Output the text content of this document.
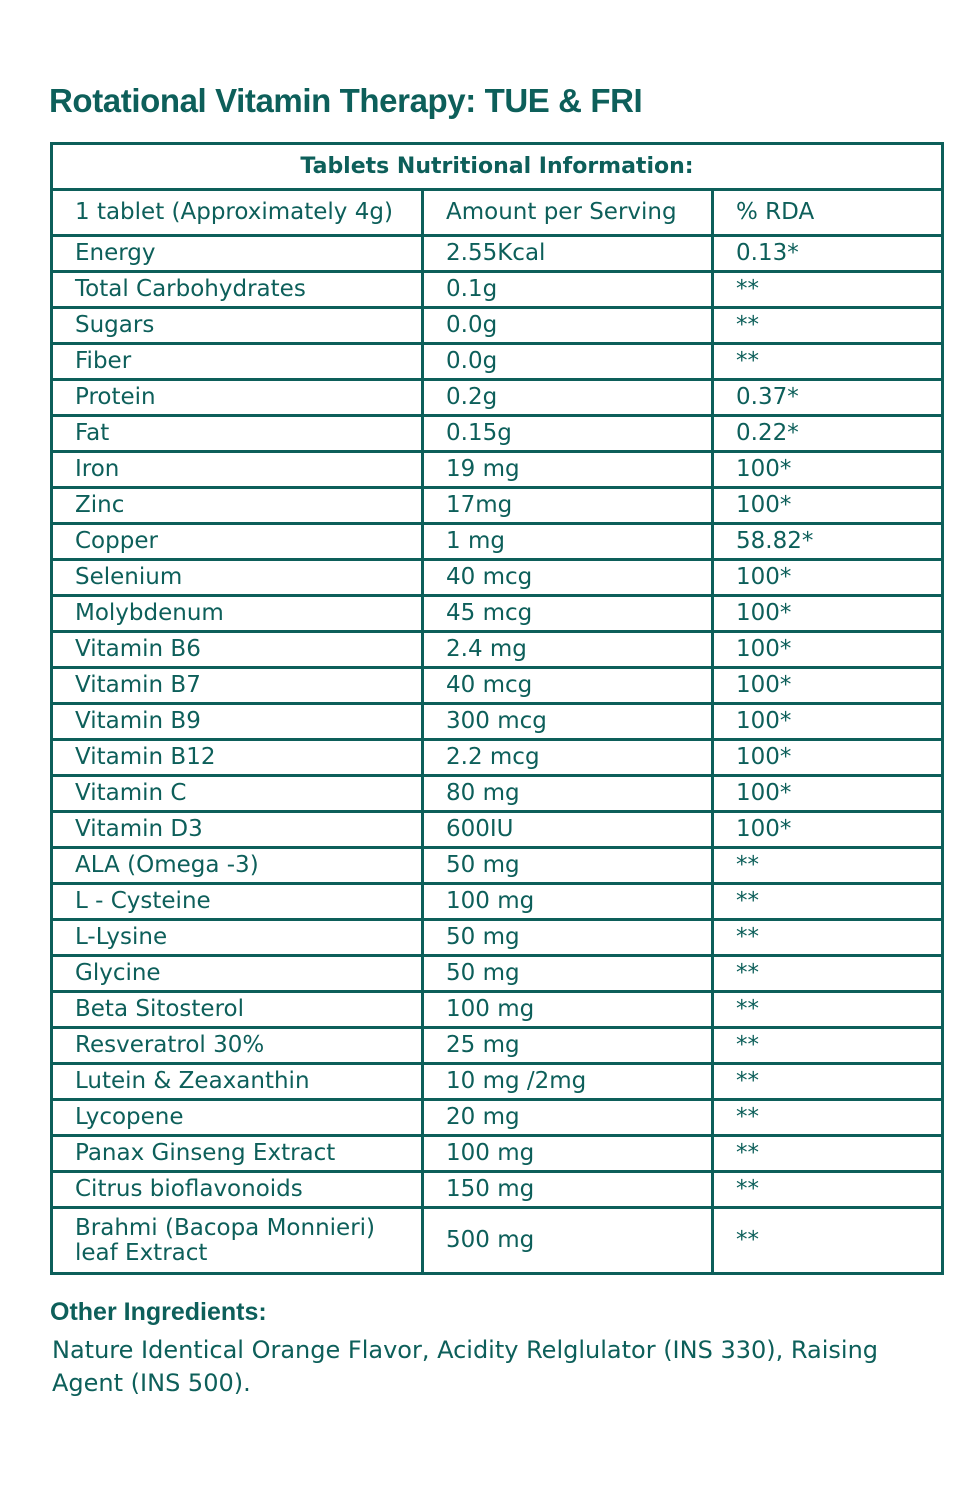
Rotational Vitamin Therapy: TUE & FRI
Tablets Nutritional Information:		
1 tablet (Approximately 4g)	Amount per Serving	% RDA
Energy	2.55Kcal	0.13*
Total Carbohydrates	0.1g	**
Sugars	0.0g	**
Fiber	0.0g	**
Protein	0.2g	0.37*
Fat	0.15g	0.22*
Iron	19 mg	100*
Zinc	17mg	100*
Copper	1 mg	58.82*
Selenium	40 mcg	100*
Molybdenum	45 mcg	100*
Vitamin B6	2.4 mg	100*
Vitamin B7	40 mcg	100*
Vitamin B9	300 mcg	100*
Vitamin B12	2.2 mcg	100*
Vitamin C	80 mg	100*
Vitamin D3	600IU	100*
ALA (Omega -3)	50 mg	**
L - Cysteine	100 mg	**
L-Lysine	50 mg	**
Glycine	50 mg	**
Beta Sitosterol	100 mg	**
Resveratrol 30%	25 mg	**
Lutein & Zeaxanthin	10 mg /2mg	**
Lycopene	20 mg	**
Panax Ginseng Extract	100 mg	**
Citrus bioflavonoids	150 mg	**
Brahmi (Bacopa Monnieri) leaf Extract	500 mg	**
Other Ingredients:

Nature Identical Orange Flavor, Acidity Relglulator (INS 330), Raising Agent (INS 500).
